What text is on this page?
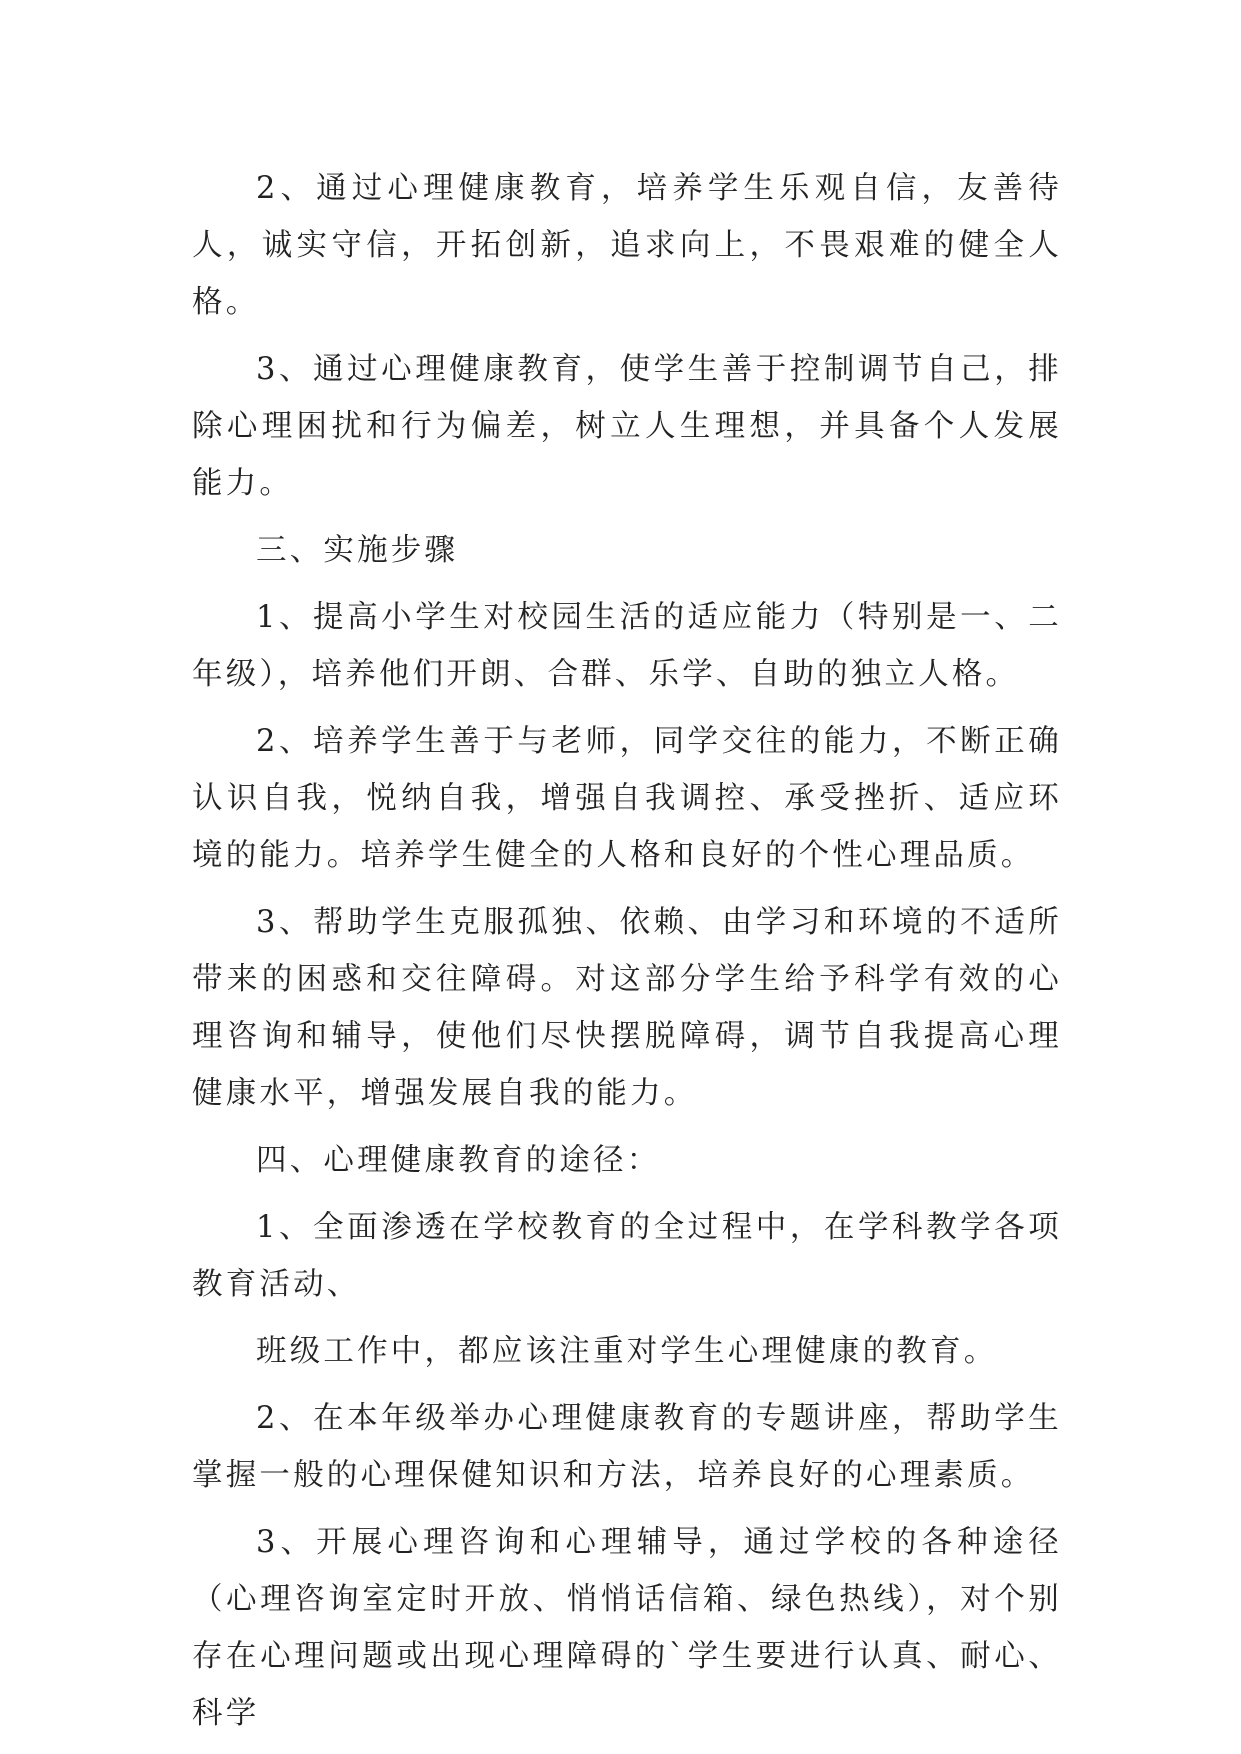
2、通过心理健康教育，培养学生乐观自信，友善待人，诚实守信，开拓创新，追求向上，不畏艰难的健全人格。

3、通过心理健康教育，使学生善于控制调节自己，排除心理困扰和行为偏差，树立人生理想，并具备个人发展能力。

三、实施步骤

1、提高小学生对校园生活的适应能力（特别是一、二年级），培养他们开朗、合群、乐学、自助的独立人格。

2、培养学生善于与老师，同学交往的能力，不断正确认识自我，悦纳自我，增强自我调控、承受挫折、适应环境的能力。培养学生健全的人格和良好的个性心理品质。

3、帮助学生克服孤独、依赖、由学习和环境的不适所带来的困惑和交往障碍。对这部分学生给予科学有效的心理咨询和辅导，使他们尽快摆脱障碍，调节自我提高心理健康水平，增强发展自我的能力。

四、心理健康教育的途径：

1、全面渗透在学校教育的全过程中，在学科教学各项教育活动、

班级工作中，都应该注重对学生心理健康的教育。

2、在本年级举办心理健康教育的专题讲座，帮助学生掌握一般的心理保健知识和方法，培养良好的心理素质。

3、开展心理咨询和心理辅导，通过学校的各种途径（心理咨询室定时开放、悄悄话信箱、绿色热线），对个别存在心理问题或出现心理障碍的`学生要进行认真、耐心、科学
